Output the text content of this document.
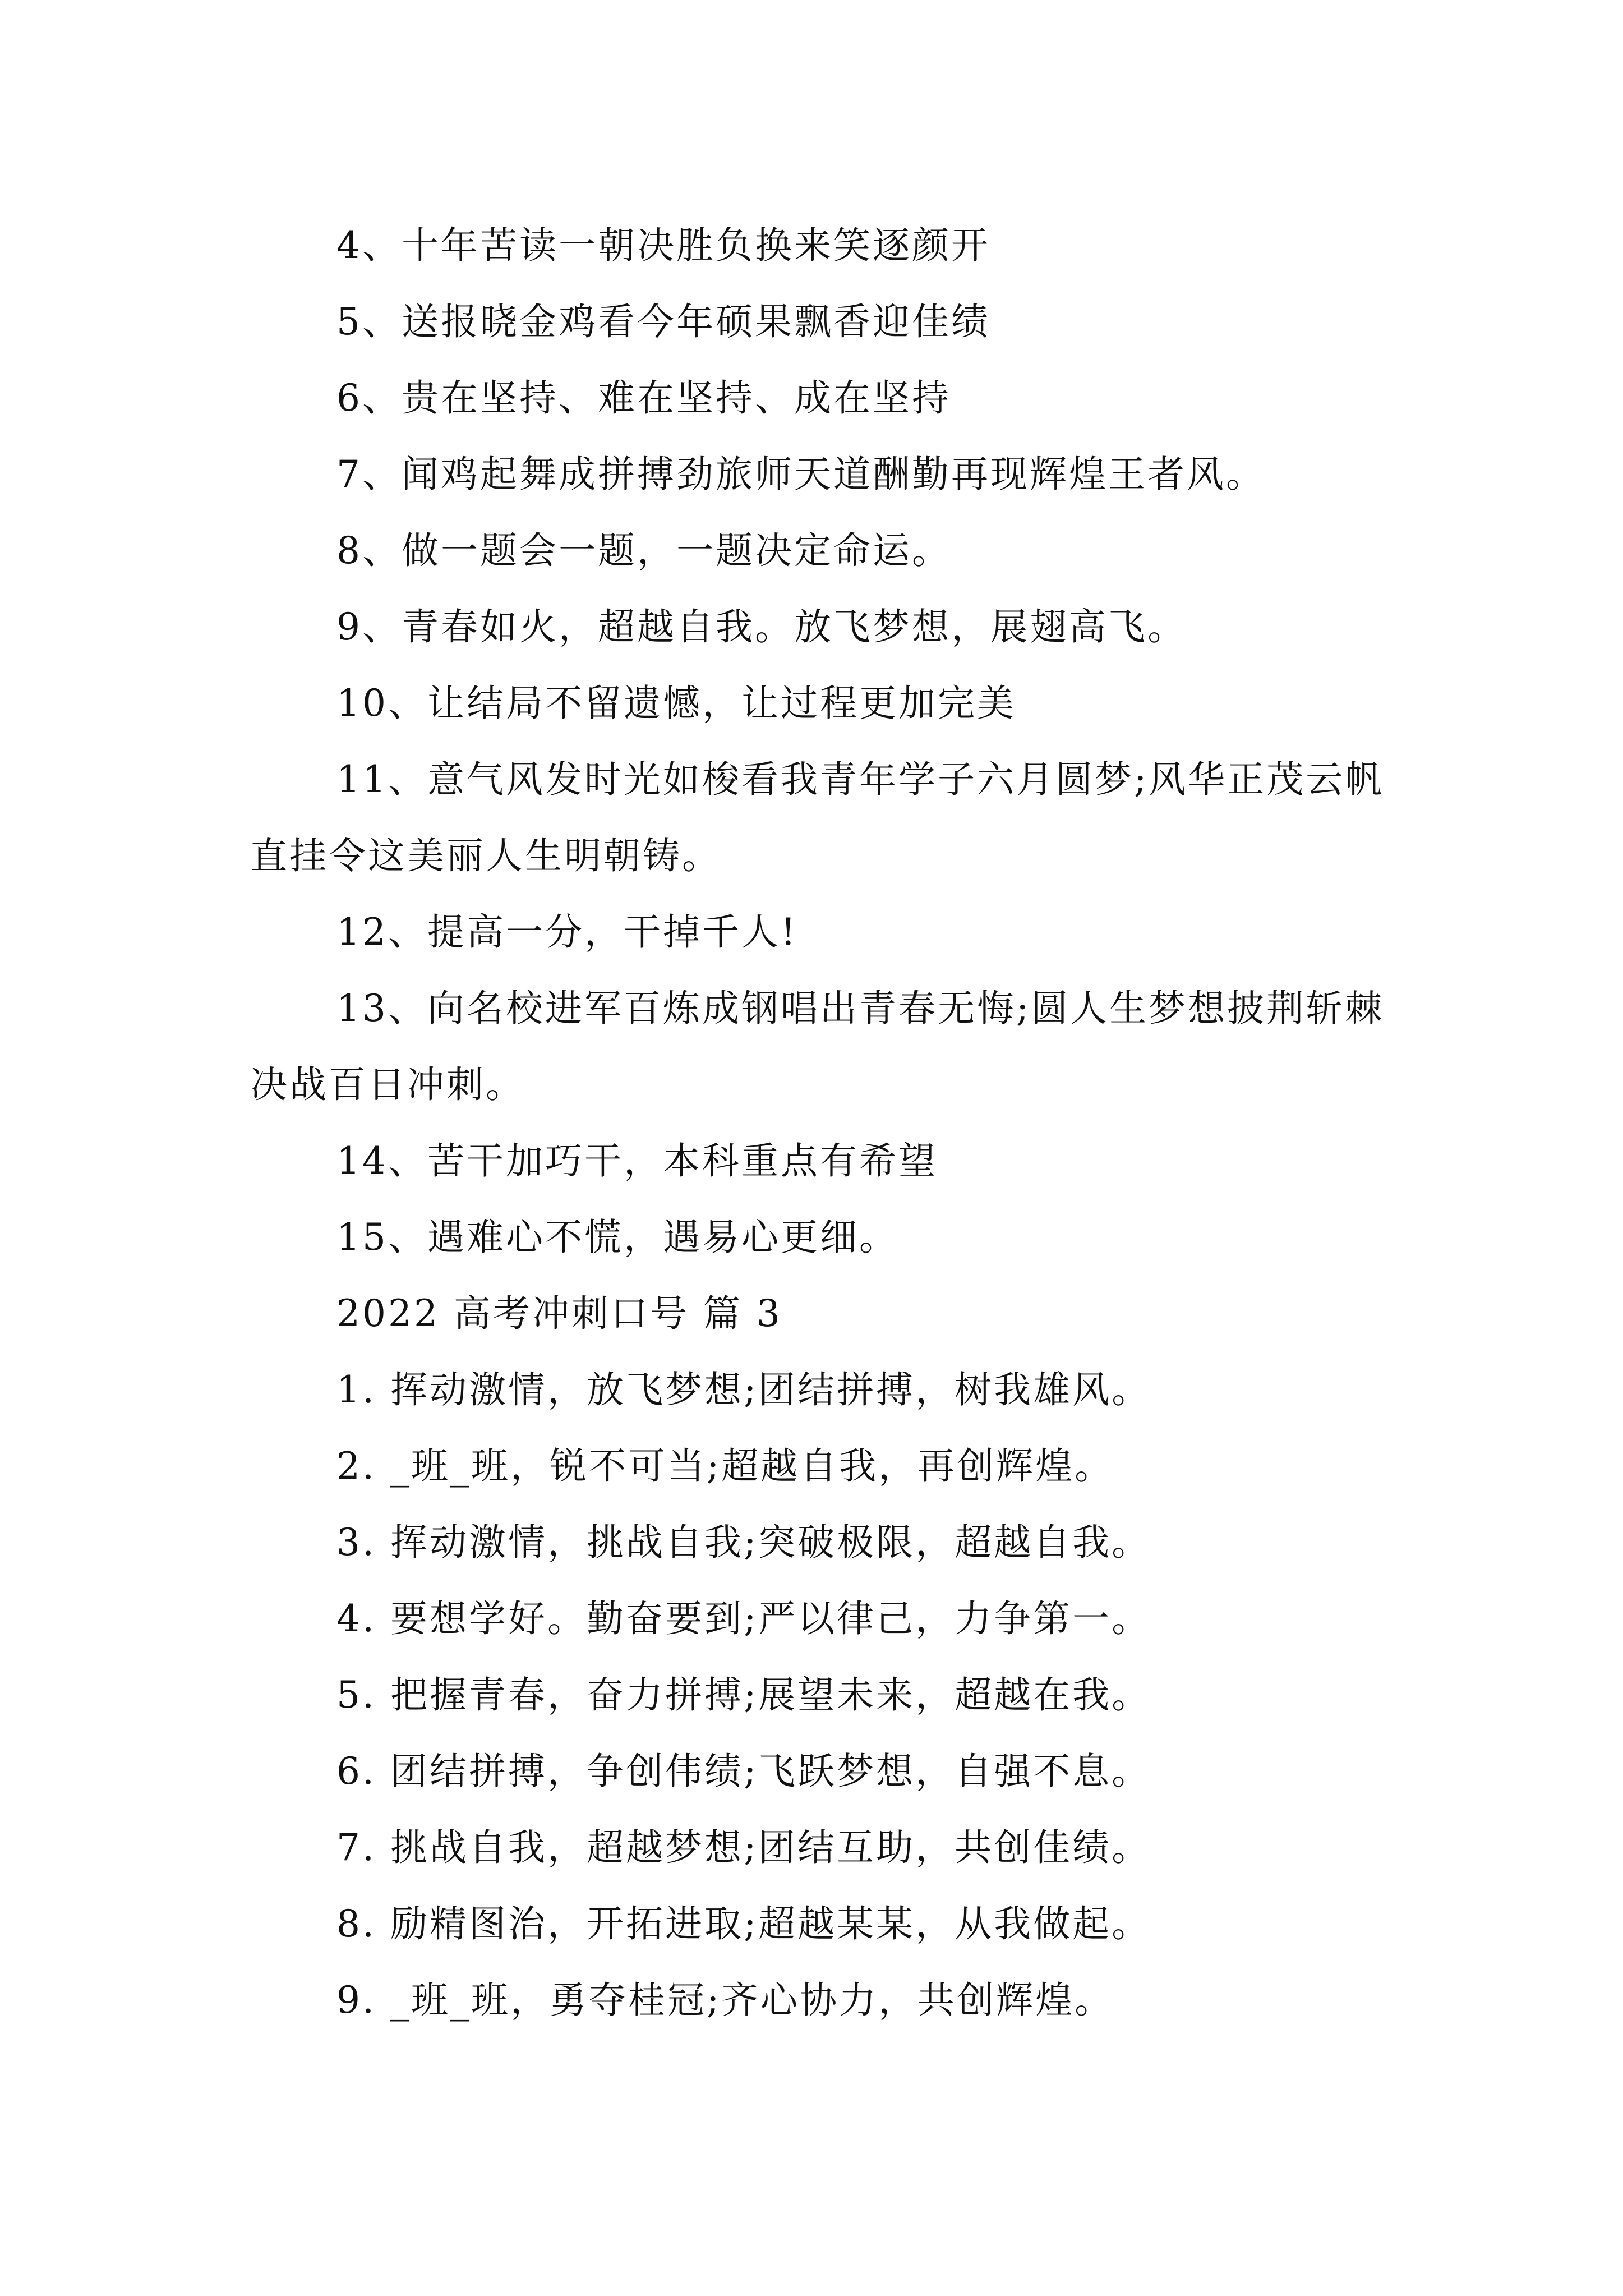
4、十年苦读一朝决胜负换来笑逐颜开

5、送报晓金鸡看今年硕果飘香迎佳绩

6、贵在坚持、难在坚持、成在坚持

7、闻鸡起舞成拼搏劲旅师天道酬勤再现辉煌王者风。

8、做一题会一题，一题决定命运。

9、青春如火，超越自我。放飞梦想，展翅高飞。

10、让结局不留遗憾，让过程更加完美

11、意气风发时光如梭看我青年学子六月圆梦;风华正茂云帆直挂令这美丽人生明朝铸。

12、提高一分，干掉千人!

13、向名校进军百炼成钢唱出青春无悔;圆人生梦想披荆斩棘决战百日冲刺。

14、苦干加巧干，本科重点有希望

15、遇难心不慌，遇易心更细。

2022 高考冲刺口号 篇 3

1. 挥动激情，放飞梦想;团结拼搏，树我雄风。

2. _班_班，锐不可当;超越自我，再创辉煌。

3. 挥动激情，挑战自我;突破极限，超越自我。

4. 要想学好。勤奋要到;严以律己，力争第一。

5. 把握青春，奋力拼搏;展望未来，超越在我。

6. 团结拼搏，争创伟绩;飞跃梦想，自强不息。

7. 挑战自我，超越梦想;团结互助，共创佳绩。

8. 励精图治，开拓进取;超越某某，从我做起。

9. _班_班，勇夺桂冠;齐心协力，共创辉煌。
